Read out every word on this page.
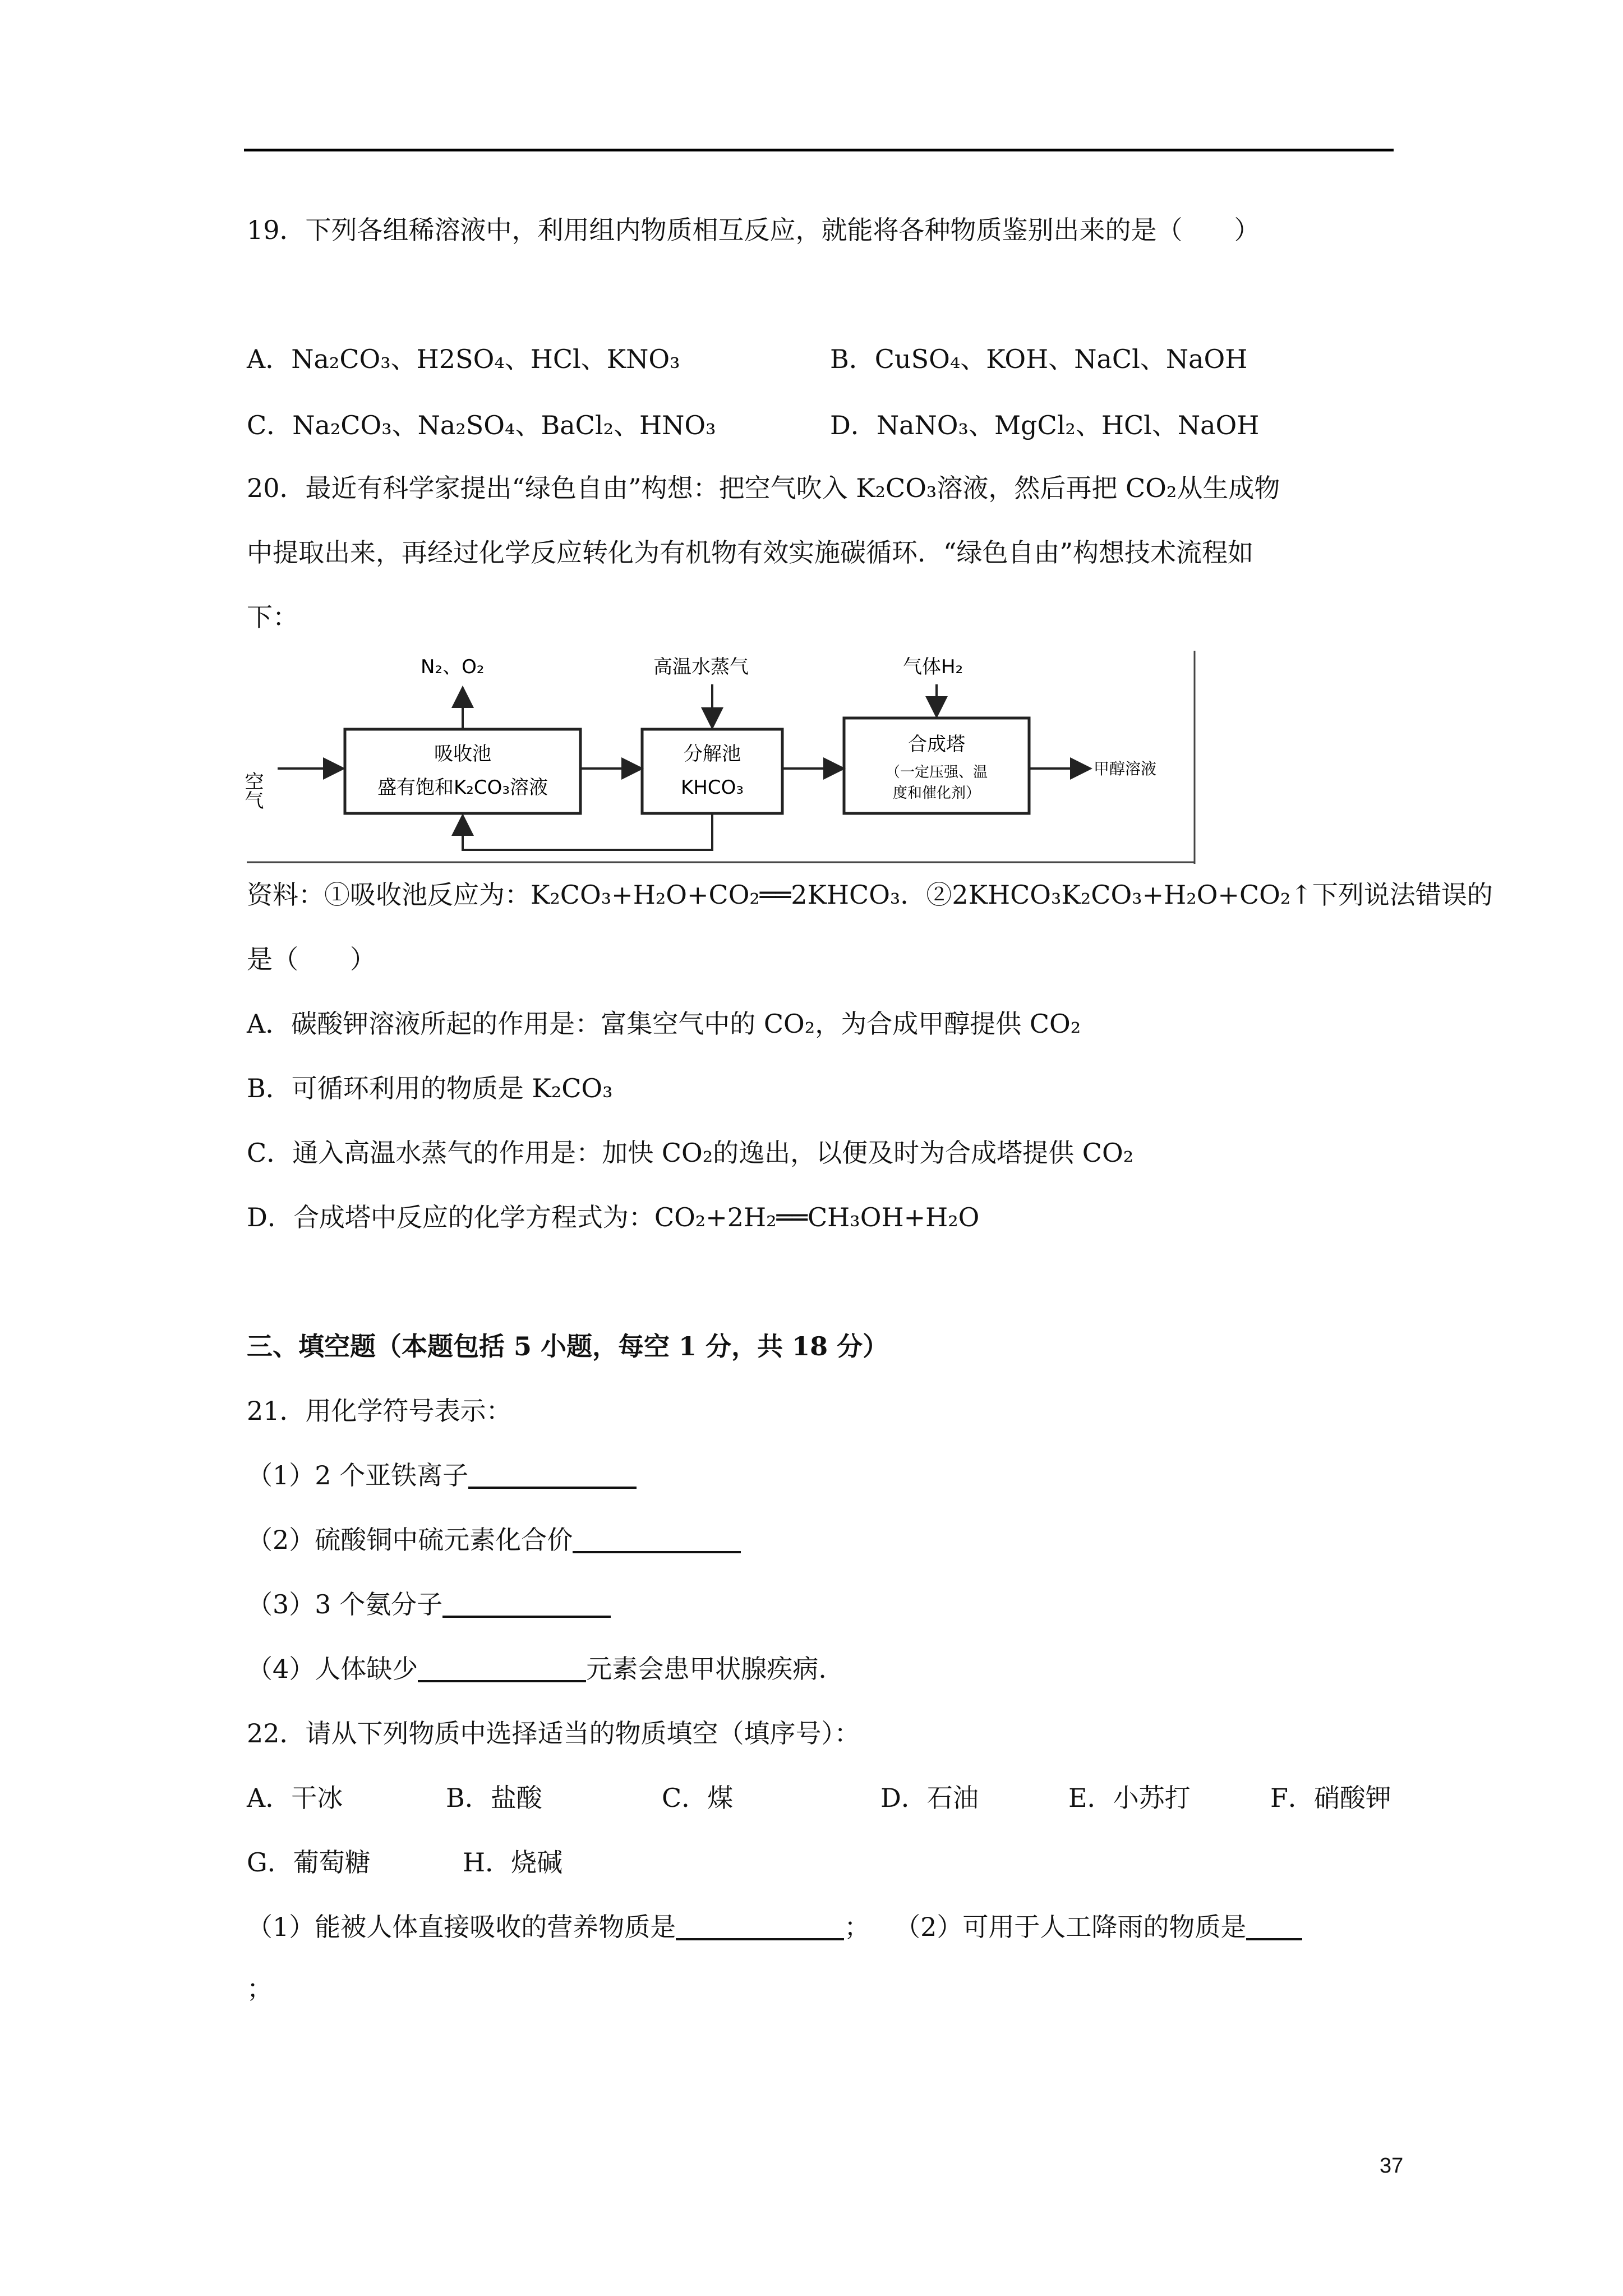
19．下列各组稀溶液中，利用组内物质相互反应，就能将各种物质鉴别出来的是（　　）
A．Na₂CO₃、H2SO₄、HCl、KNO₃	B．CuSO₄、KOH、NaCl、NaOH
C．Na₂CO₃、Na₂SO₄、BaCl₂、HNO₃	D．NaNO₃、MgCl₂、HCl、NaOH
20．最近有科学家提出“绿色自由”构想：把空气吹入 K₂CO₃溶液，然后再把 CO₂从生成物
中提取出来，再经过化学反应转化为有机物有效实施碳循环．“绿色自由”构想技术流程如
下：
空气
吸收池
盛有饱和K₂CO₃溶液
N₂、O₂
分解池
KHCO₃
高温水蒸气
合成塔
（一定压强、温
度和催化剂）
气体H₂
甲醇溶液
资料：①吸收池反应为：K₂CO₃+H₂O+CO₂══2KHCO₃．②2KHCO₃K₂CO₃+H₂O+CO₂↑下列说法错误的
是（　　）
A．碳酸钾溶液所起的作用是：富集空气中的 CO₂，为合成甲醇提供 CO₂
B．可循环利用的物质是 K₂CO₃
C．通入高温水蒸气的作用是：加快 CO₂的逸出，以便及时为合成塔提供 CO₂
D．合成塔中反应的化学方程式为：CO₂+2H₂══CH₃OH+H₂O
三、填空题（本题包括 5 小题，每空 1 分，共 18 分）
21．用化学符号表示：
（1）2 个亚铁离子
（2）硫酸铜中硫元素化合价
（3）3 个氨分子
（4）人体缺少	元素会患甲状腺疾病.
22．请从下列物质中选择适当的物质填空（填序号）：
A．干冰	B．盐酸	C．煤	D．石油	E．小苏打	F．硝酸钾
G．葡萄糖	H．烧碱
（1）能被人体直接吸收的营养物质是	； （2）可用于人工降雨的物质是
；
37
